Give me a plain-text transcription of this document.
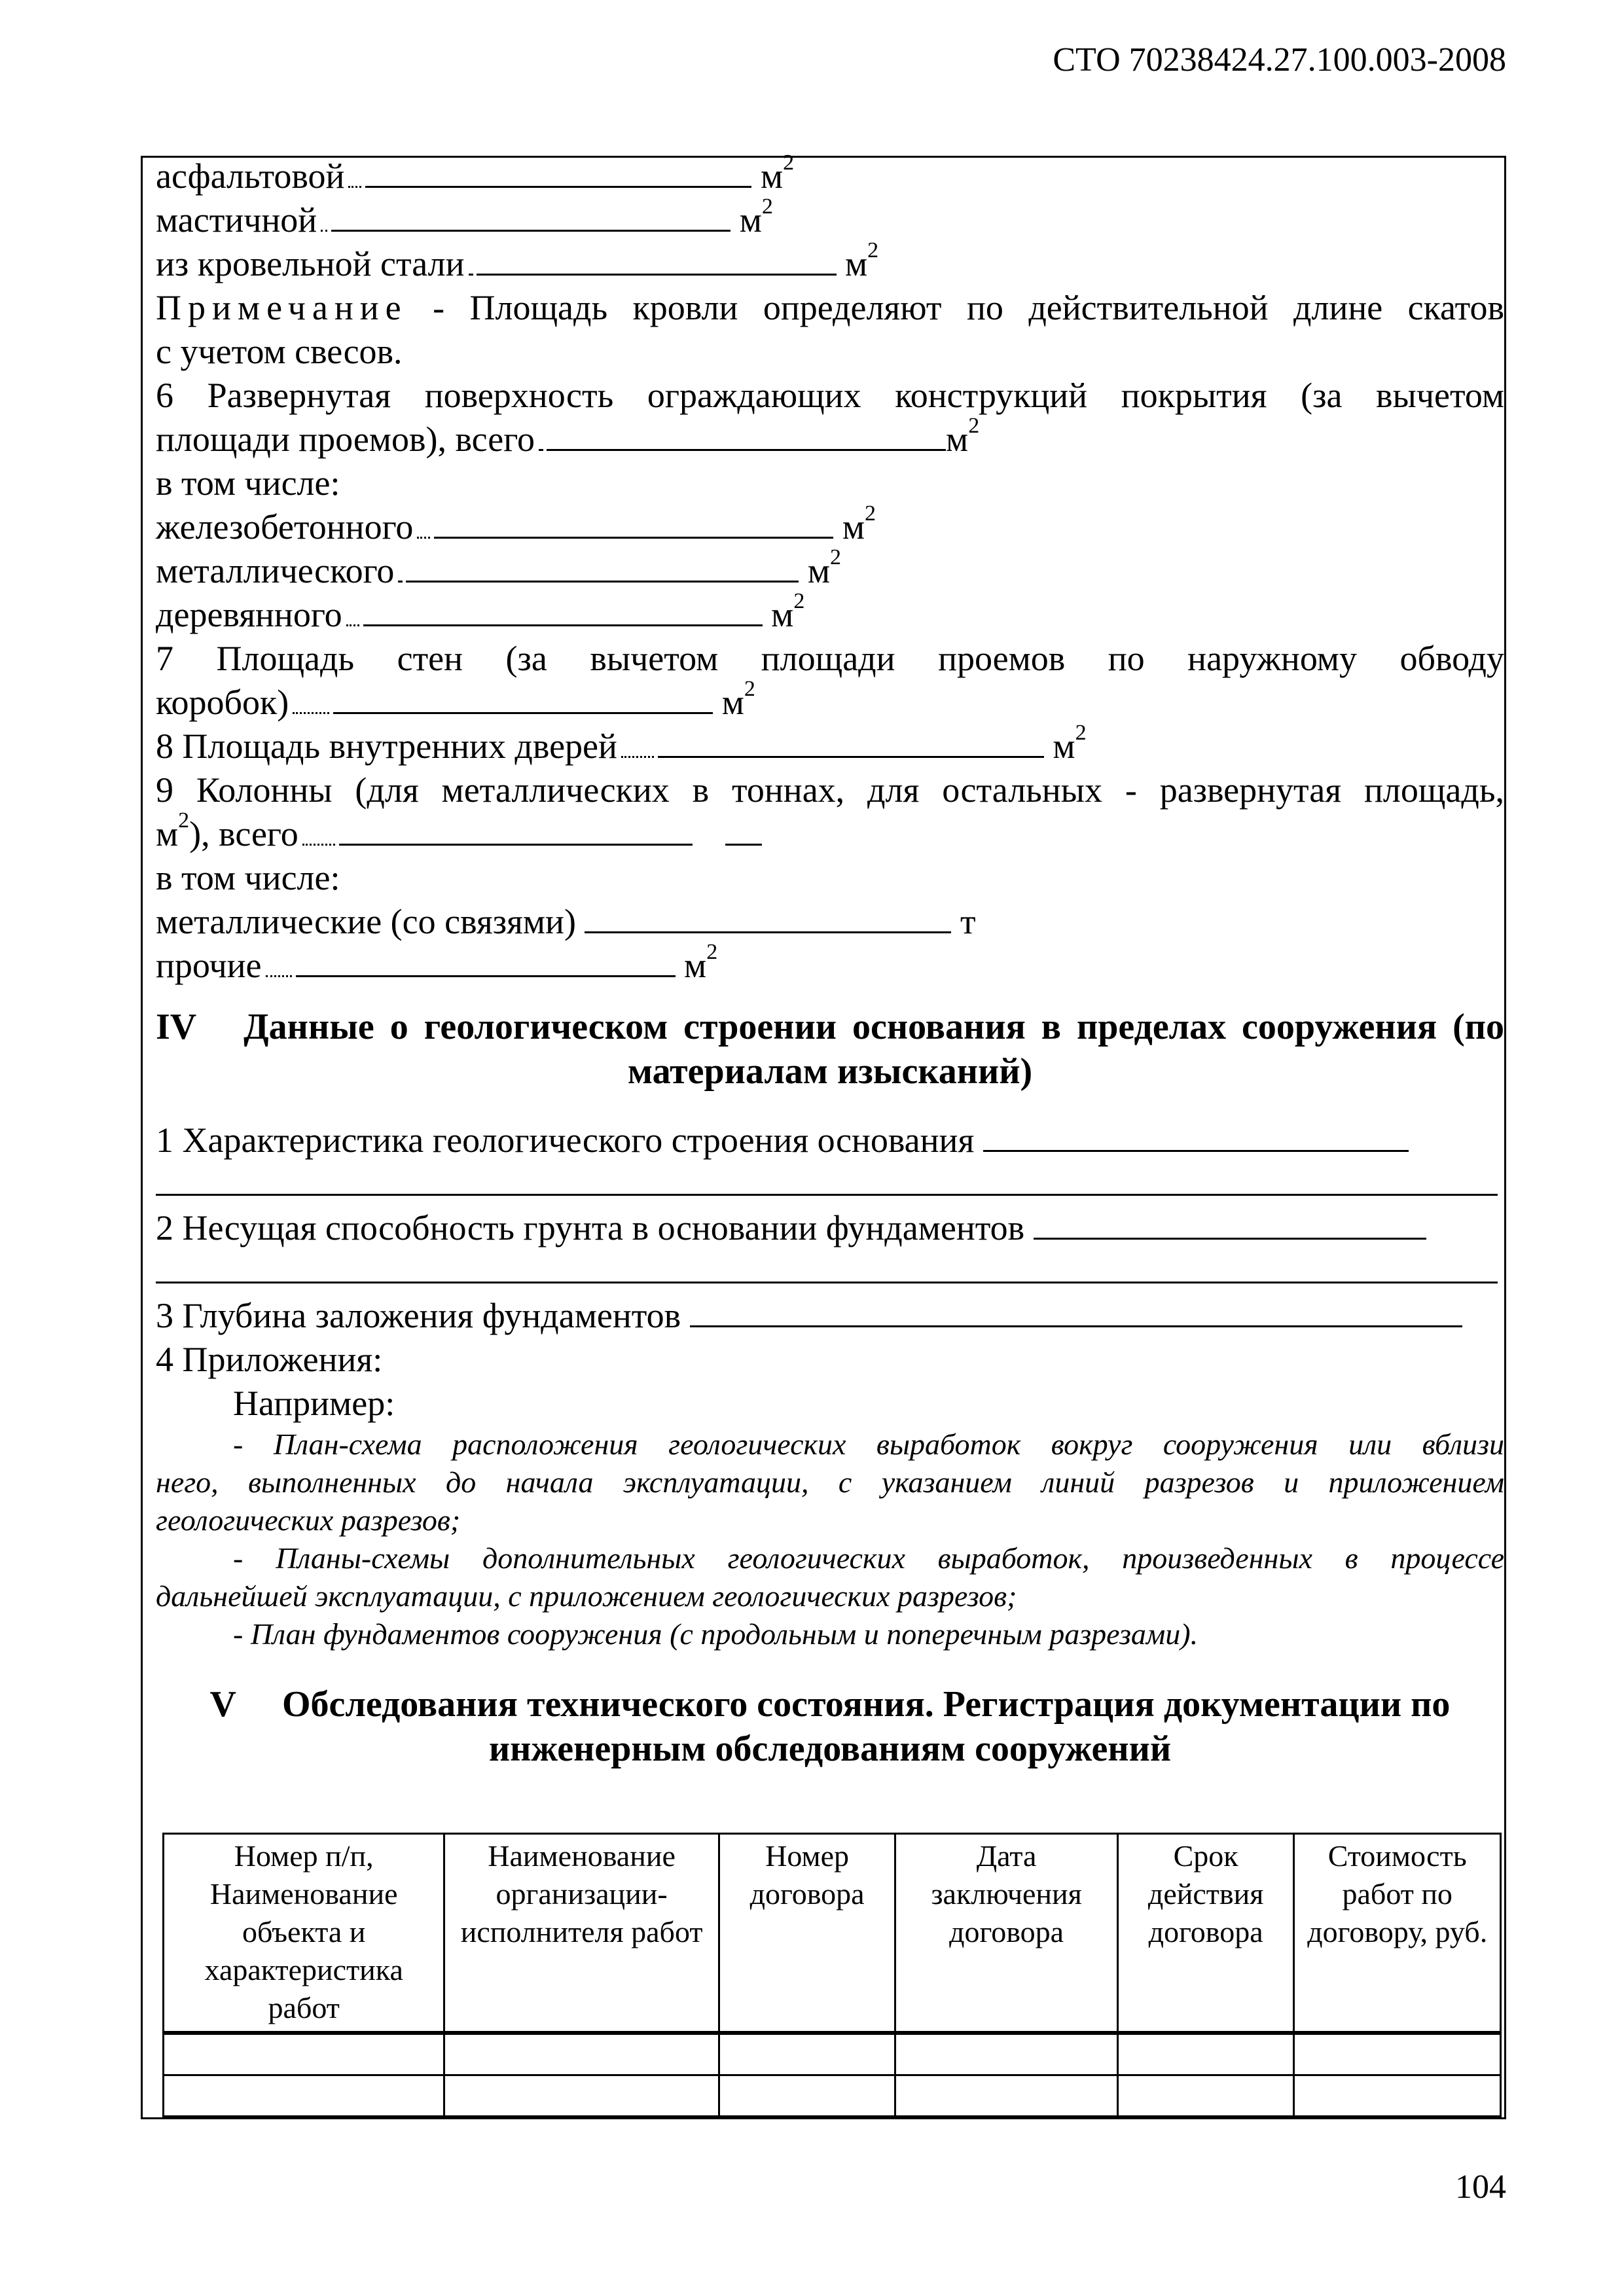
СТО 70238424.27.100.003-2008
асфальтовой	$м^2$
мастичной	$м^2$
из кровельной стали	$м^2$
Примечание - Площадь кровли определяют по действительной длине скатов
с учетом свесов.
6 Развернутая поверхность ограждающих конструкций покрытия (за вычетом
площади проемов), всего	$м^2$
в том числе:
железобетонного	$м^2$
металлического	$м^2$
деревянного	$м^2$
7 Площадь стен (за вычетом площади проемов по наружному обводу
коробок)	$м^2$
8 Площадь внутренних дверей	$м^2$
9 Колонны (для металлических в тоннах, для остальных - развернутая площадь,
$м^2$), всего
в том числе:
металлические (со связями)	т
прочие	$м^2$
IV Данные о геологическом строении основания в пределах сооружения (по
материалам изысканий)
1 Характеристика геологического строения основания
2 Несущая способность грунта в основании фундаментов
3 Глубина заложения фундаментов
4 Приложения:
Например:
- План-схема расположения геологических выработок вокруг сооружения или вблизи
него, выполненных до начала эксплуатации, с указанием линий разрезов и приложением
геологических разрезов;
- Планы-схемы дополнительных геологических выработок, произведенных в процессе
дальнейшей эксплуатации, с приложением геологических разрезов;
- План фундаментов сооружения (с продольным и поперечным разрезами).
V Обследования технического состояния. Регистрация документации по
инженерным обследованиям сооружений
Номер п/п, Наименование объекта и характеристика работ	Наименование организации-исполнителя работ	Номер договора	Дата заключения договора	Срок действия договора	Стоимость работ по договору, руб.

104
